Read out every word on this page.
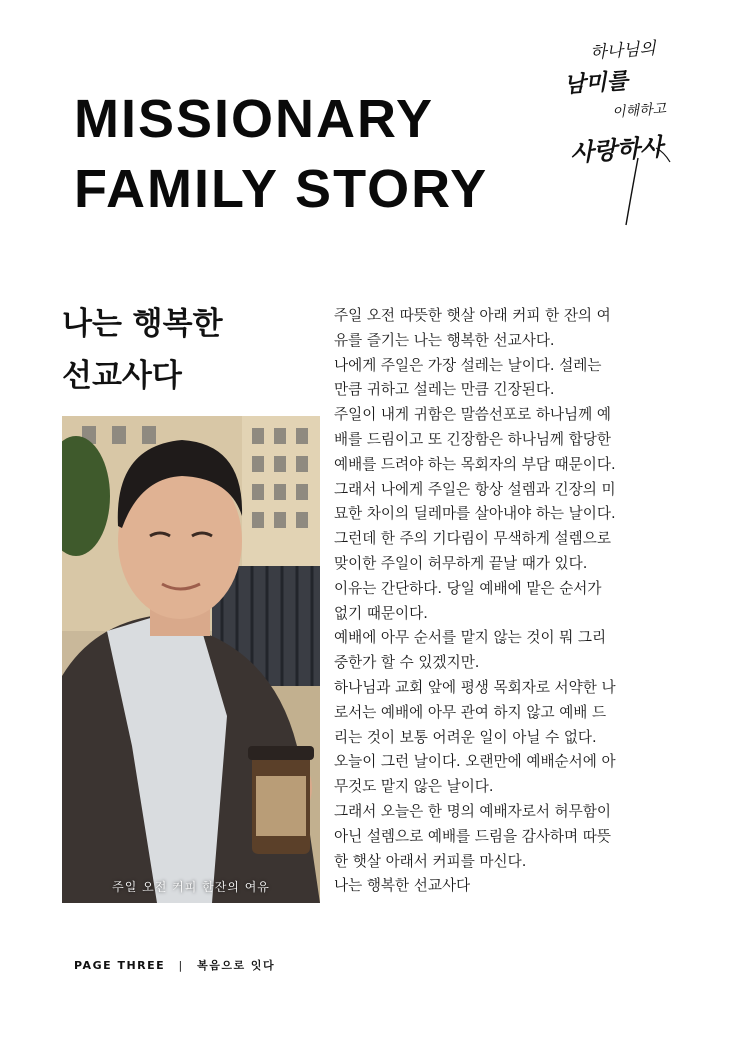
MISSIONARY
FAMILY STORY
하나님의
남미를
이해하고
사랑하사
나는 행복한
선교사다
주일 오전 커피 한잔의 여유
주일 오전 따뜻한 햇살 아래 커피 한 잔의 여
유를 즐기는 나는 행복한 선교사다.
나에게 주일은 가장 설레는 날이다. 설레는
만큼 귀하고 설레는 만큼 긴장된다.
주일이 내게 귀함은 말씀선포로 하나님께 예
배를 드림이고 또 긴장함은 하나님께 합당한
예배를 드려야 하는 목회자의 부담 때문이다.
그래서 나에게 주일은 항상 설렘과 긴장의 미
묘한 차이의 딜레마를 살아내야 하는 날이다.
그런데 한 주의 기다림이 무색하게 설렘으로
맞이한 주일이 허무하게 끝날 때가 있다.
이유는 간단하다. 당일 예배에 맡은 순서가
없기 때문이다.
예배에 아무 순서를 맡지 않는 것이 뭐 그리
중한가 할 수 있겠지만.
하나님과 교회 앞에 평생 목회자로 서약한 나
로서는 예배에 아무 관여 하지 않고 예배 드
리는 것이 보통 어려운 일이 아닐 수 없다.
오늘이 그런 날이다. 오랜만에 예배순서에 아
무것도 맡지 않은 날이다.
그래서 오늘은 한 명의 예배자로서 허무함이
아닌 설렘으로 예배를 드림을 감사하며 따뜻
한 햇살 아래서 커피를 마신다.
나는 행복한 선교사다
PAGE THREE | 복음으로 잇다
